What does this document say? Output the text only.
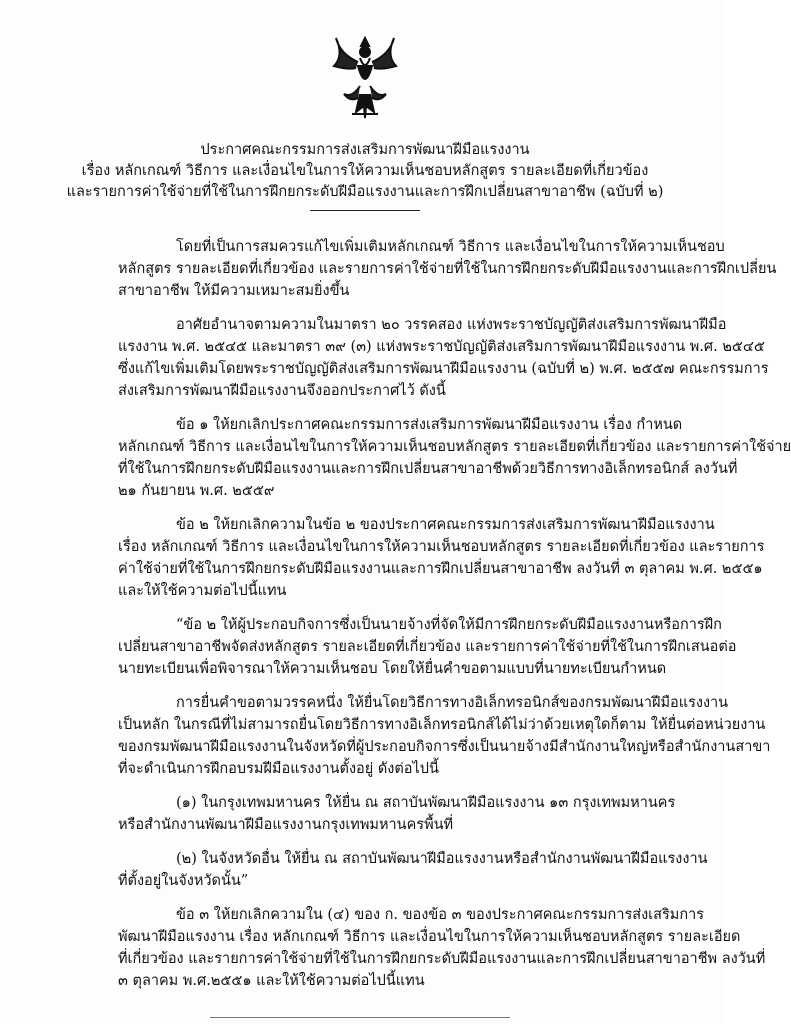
ประกาศคณะกรรมการส่งเสริมการพัฒนาฝีมือแรงงาน
เรื่อง หลักเกณฑ์ วิธีการ และเงื่อนไขในการให้ความเห็นชอบหลักสูตร รายละเอียดที่เกี่ยวข้อง
และรายการค่าใช้จ่ายที่ใช้ในการฝึกยกระดับฝีมือแรงงานและการฝึกเปลี่ยนสาขาอาชีพ (ฉบับที่ ๒)

โดยที่เป็นการสมควรแก้ไขเพิ่มเติมหลักเกณฑ์ วิธีการ และเงื่อนไขในการให้ความเห็นชอบ
หลักสูตร รายละเอียดที่เกี่ยวข้อง และรายการค่าใช้จ่ายที่ใช้ในการฝึกยกระดับฝีมือแรงงานและการฝึกเปลี่ยน
สาขาอาชีพ ให้มีความเหมาะสมยิ่งขึ้น

อาศัยอำนาจตามความในมาตรา ๒๐ วรรคสอง แห่งพระราชบัญญัติส่งเสริมการพัฒนาฝีมือ
แรงงาน พ.ศ. ๒๕๔๕ และมาตรา ๓๙ (๓) แห่งพระราชบัญญัติส่งเสริมการพัฒนาฝีมือแรงงาน พ.ศ. ๒๕๔๕
ซึ่งแก้ไขเพิ่มเติมโดยพระราชบัญญัติส่งเสริมการพัฒนาฝีมือแรงงาน (ฉบับที่ ๒) พ.ศ. ๒๕๕๗ คณะกรรมการ
ส่งเสริมการพัฒนาฝีมือแรงงานจึงออกประกาศไว้ ดังนี้

ข้อ ๑ ให้ยกเลิกประกาศคณะกรรมการส่งเสริมการพัฒนาฝีมือแรงงาน เรื่อง กำหนด
หลักเกณฑ์ วิธีการ และเงื่อนไขในการให้ความเห็นชอบหลักสูตร รายละเอียดที่เกี่ยวข้อง และรายการค่าใช้จ่าย
ที่ใช้ในการฝึกยกระดับฝีมือแรงงานและการฝึกเปลี่ยนสาขาอาชีพด้วยวิธีการทางอิเล็กทรอนิกส์ ลงวันที่
๒๑ กันยายน พ.ศ. ๒๕๕๙

ข้อ ๒ ให้ยกเลิกความในข้อ ๒ ของประกาศคณะกรรมการส่งเสริมการพัฒนาฝีมือแรงงาน
เรื่อง หลักเกณฑ์ วิธีการ และเงื่อนไขในการให้ความเห็นชอบหลักสูตร รายละเอียดที่เกี่ยวข้อง และรายการ
ค่าใช้จ่ายที่ใช้ในการฝึกยกระดับฝีมือแรงงานและการฝึกเปลี่ยนสาขาอาชีพ ลงวันที่ ๓ ตุลาคม พ.ศ. ๒๕๕๑
และให้ใช้ความต่อไปนี้แทน

“ข้อ ๒ ให้ผู้ประกอบกิจการซึ่งเป็นนายจ้างที่จัดให้มีการฝึกยกระดับฝีมือแรงงานหรือการฝึก
เปลี่ยนสาขาอาชีพจัดส่งหลักสูตร รายละเอียดที่เกี่ยวข้อง และรายการค่าใช้จ่ายที่ใช้ในการฝึกเสนอต่อ
นายทะเบียนเพื่อพิจารณาให้ความเห็นชอบ โดยให้ยื่นคำขอตามแบบที่นายทะเบียนกำหนด

การยื่นคำขอตามวรรคหนึ่ง ให้ยื่นโดยวิธีการทางอิเล็กทรอนิกส์ของกรมพัฒนาฝีมือแรงงาน
เป็นหลัก ในกรณีที่ไม่สามารถยื่นโดยวิธีการทางอิเล็กทรอนิกส์ได้ไม่ว่าด้วยเหตุใดก็ตาม ให้ยื่นต่อหน่วยงาน
ของกรมพัฒนาฝีมือแรงงานในจังหวัดที่ผู้ประกอบกิจการซึ่งเป็นนายจ้างมีสำนักงานใหญ่หรือสำนักงานสาขา
ที่จะดำเนินการฝึกอบรมฝีมือแรงงานตั้งอยู่ ดังต่อไปนี้

(๑) ในกรุงเทพมหานคร ให้ยื่น ณ สถาบันพัฒนาฝีมือแรงงาน ๑๓ กรุงเทพมหานคร
หรือสำนักงานพัฒนาฝีมือแรงงานกรุงเทพมหานครพื้นที่

(๒) ในจังหวัดอื่น ให้ยื่น ณ สถาบันพัฒนาฝีมือแรงงานหรือสำนักงานพัฒนาฝีมือแรงงาน
ที่ตั้งอยู่ในจังหวัดนั้น”

ข้อ ๓ ให้ยกเลิกความใน (๔) ของ ก. ของข้อ ๓ ของประกาศคณะกรรมการส่งเสริมการ
พัฒนาฝีมือแรงงาน เรื่อง หลักเกณฑ์ วิธีการ และเงื่อนไขในการให้ความเห็นชอบหลักสูตร รายละเอียด
ที่เกี่ยวข้อง และรายการค่าใช้จ่ายที่ใช้ในการฝึกยกระดับฝีมือแรงงานและการฝึกเปลี่ยนสาขาอาชีพ ลงวันที่
๓ ตุลาคม พ.ศ.๒๕๕๑ และให้ใช้ความต่อไปนี้แทน
